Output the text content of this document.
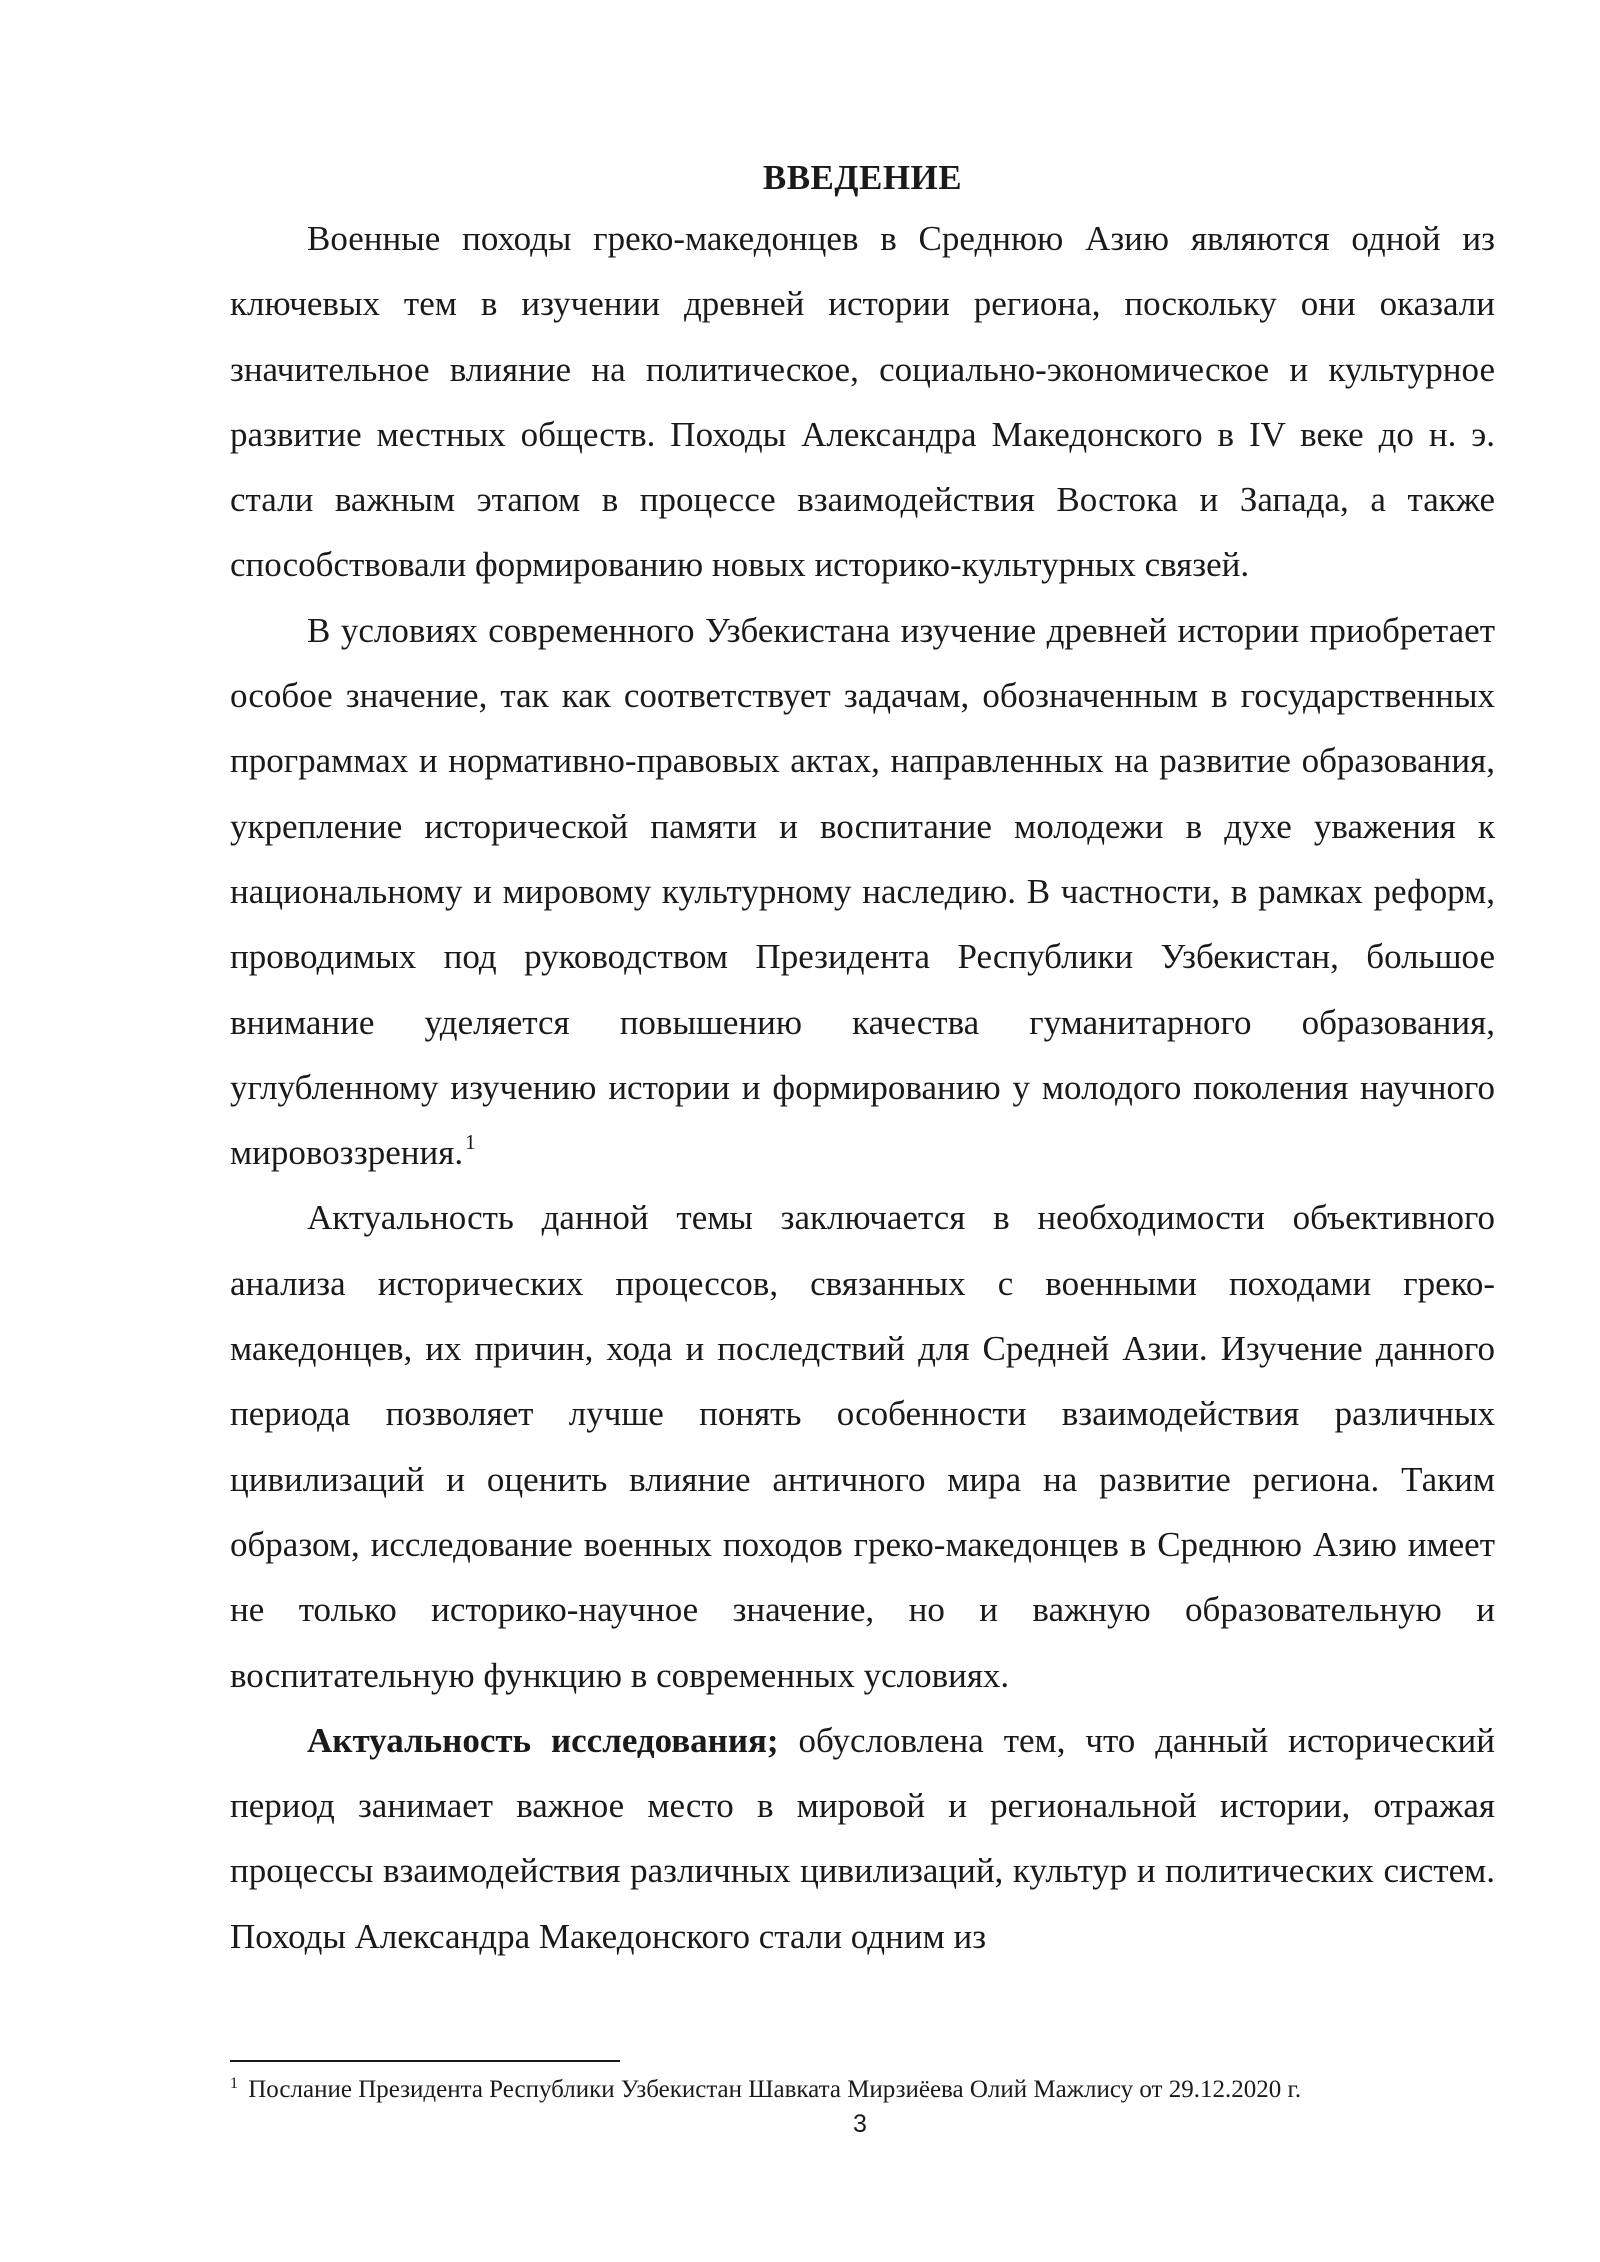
ВВЕДЕНИЕ

Военные походы греко-македонцев в Среднюю Азию являются одной из ключевых тем в изучении древней истории региона, поскольку они оказали значительное влияние на политическое, социально-экономическое и культурное развитие местных обществ. Походы Александра Македонского в IV веке до н. э. стали важным этапом в процессе взаимодействия Востока и Запада, а также способствовали формированию новых историко-культурных связей.

В условиях современного Узбекистана изучение древней истории приобретает особое значение, так как соответствует задачам, обозначенным в государственных программах и нормативно-правовых актах, направленных на развитие образования, укрепление исторической памяти и воспитание молодежи в духе уважения к национальному и мировому культурному наследию. В частности, в рамках реформ, проводимых под руководством Президента Республики Узбекистан, большое внимание уделяется повышению качества гуманитарного образования, углубленному изучению истории и формированию у молодого поколения научного мировоззрения.$^1$

Актуальность данной темы заключается в необходимости объективного анализа исторических процессов, связанных с военными походами греко-македонцев, их причин, хода и последствий для Средней Азии. Изучение данного периода позволяет лучше понять особенности взаимодействия различных цивилизаций и оценить влияние античного мира на развитие региона. Таким образом, исследование военных походов греко-македонцев в Среднюю Азию имеет не только историко-научное значение, но и важную образовательную и воспитательную функцию в современных условиях.

Актуальность исследования; обусловлена тем, что данный исторический период занимает важное место в мировой и региональной истории, отражая процессы взаимодействия различных цивилизаций, культур и политических систем. Походы Александра Македонского стали одним из

$^1$ Послание Президента Республики Узбекистан Шавката Мирзиёева Олий Мажлису от 29.12.2020 г.
3
